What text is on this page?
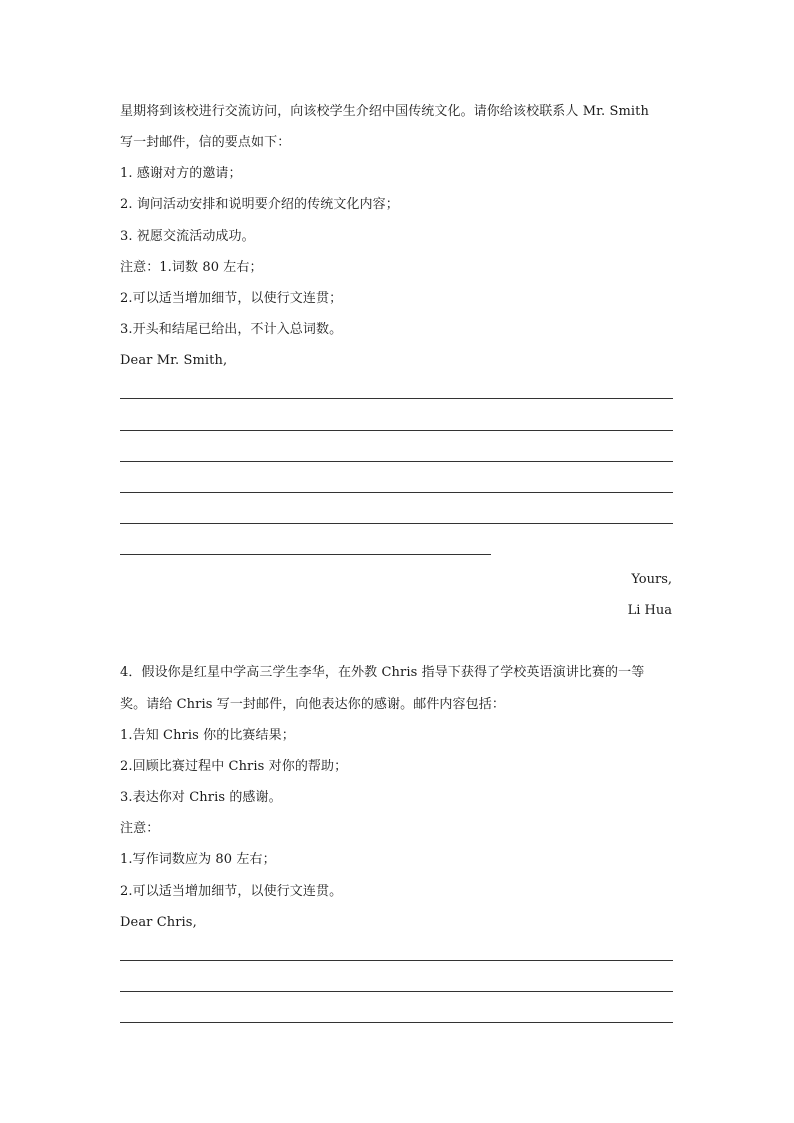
星期将到该校进行交流访问，向该校学生介绍中国传统文化。请你给该校联系人 Mr. Smith
写一封邮件，信的要点如下：
1. 感谢对方的邀请；
2. 询问活动安排和说明要介绍的传统文化内容；
3. 祝愿交流活动成功。
注意：1.词数 80 左右；
2.可以适当增加细节，以使行文连贯；
3.开头和结尾已给出，不计入总词数。
Dear Mr. Smith,
Yours,
Li Hua
4．假设你是红星中学高三学生李华，在外教 Chris 指导下获得了学校英语演讲比赛的一等
奖。请给 Chris 写一封邮件，向他表达你的感谢。邮件内容包括：
1.告知 Chris 你的比赛结果；
2.回顾比赛过程中 Chris 对你的帮助；
3.表达你对 Chris 的感谢。
注意：
1.写作词数应为 80 左右；
2.可以适当增加细节，以使行文连贯。
Dear Chris,
